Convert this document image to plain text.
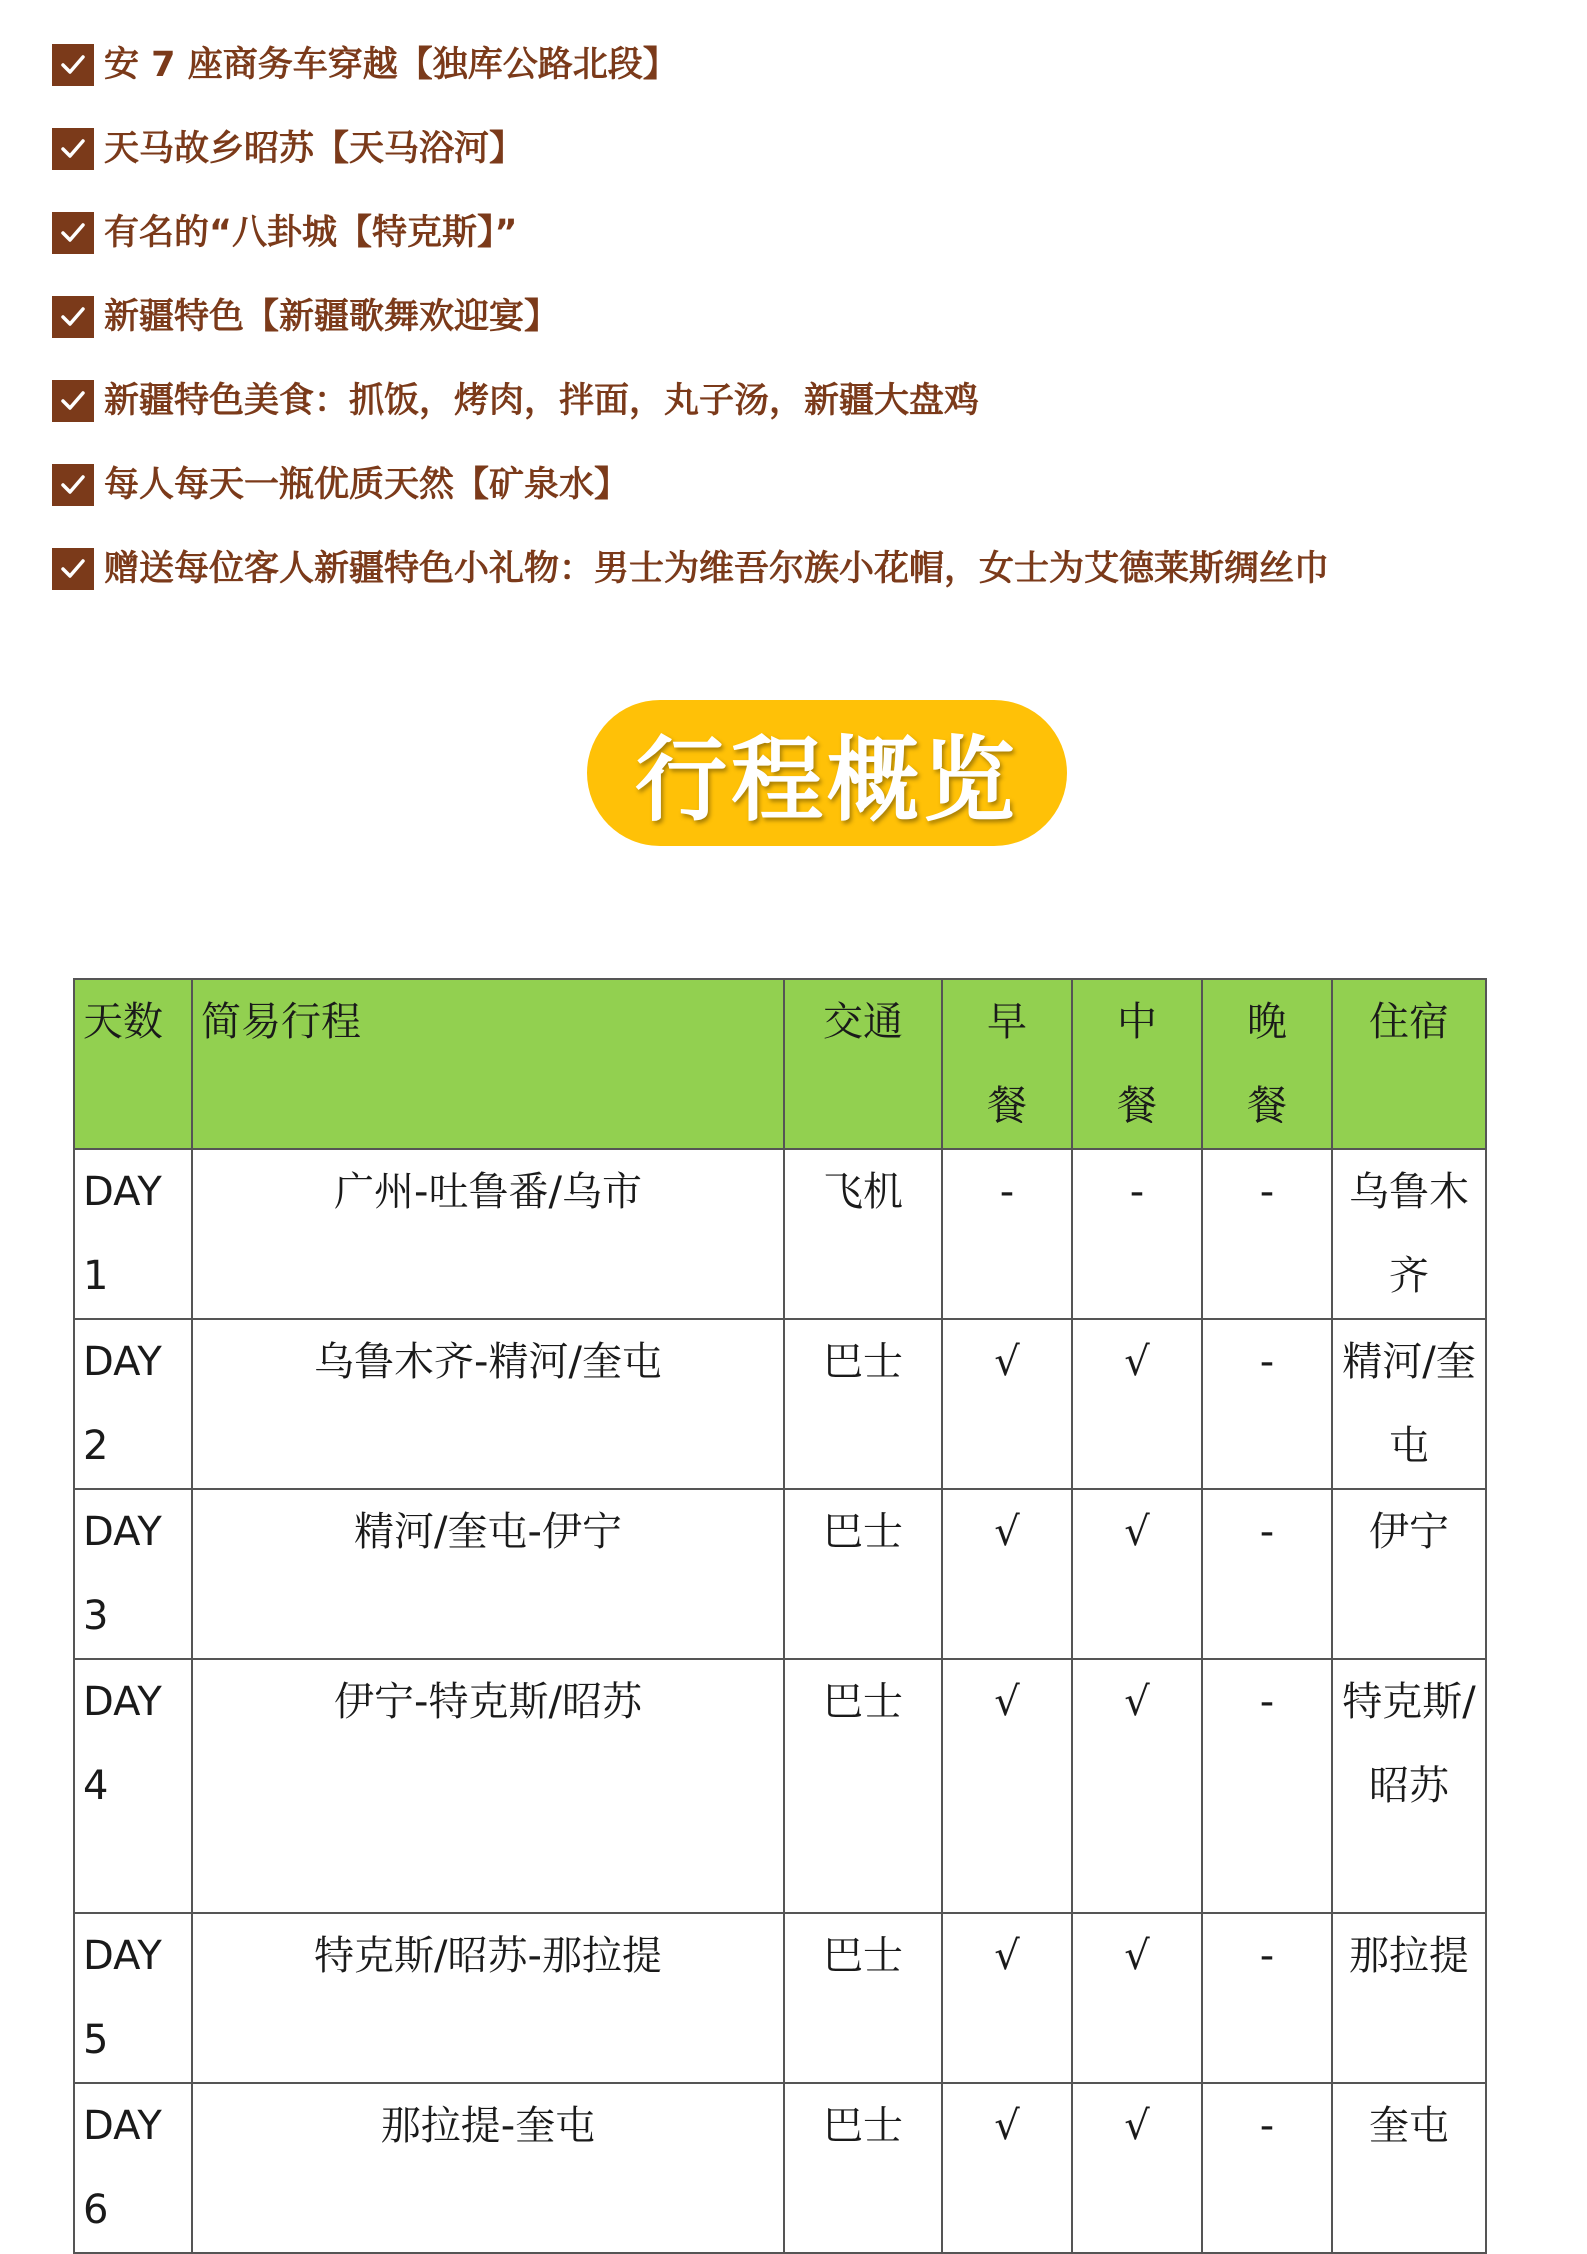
安 7 座商务车穿越【独库公路北段】
天马故乡昭苏【天马浴河】
有名的“八卦城【特克斯】”
新疆特色【新疆歌舞欢迎宴】
新疆特色美食：抓饭，烤肉，拌面，丸子汤，新疆大盘鸡
每人每天一瓶优质天然【矿泉水】
赠送每位客人新疆特色小礼物：男士为维吾尔族小花帽，女士为艾德莱斯绸丝巾
行程概览
天数	简易行程	交通	早餐	中餐	晚餐	住宿
DAY1	广州-吐鲁番/乌市	飞机	-	-	-	乌鲁木齐
DAY2	乌鲁木齐-精河/奎屯	巴士	√	√	-	精河/奎屯
DAY3	精河/奎屯-伊宁	巴士	√	√	-	伊宁
DAY4	伊宁-特克斯/昭苏	巴士	√	√	-	特克斯/昭苏
DAY5	特克斯/昭苏-那拉提	巴士	√	√	-	那拉提
DAY6	那拉提-奎屯	巴士	√	√	-	奎屯
